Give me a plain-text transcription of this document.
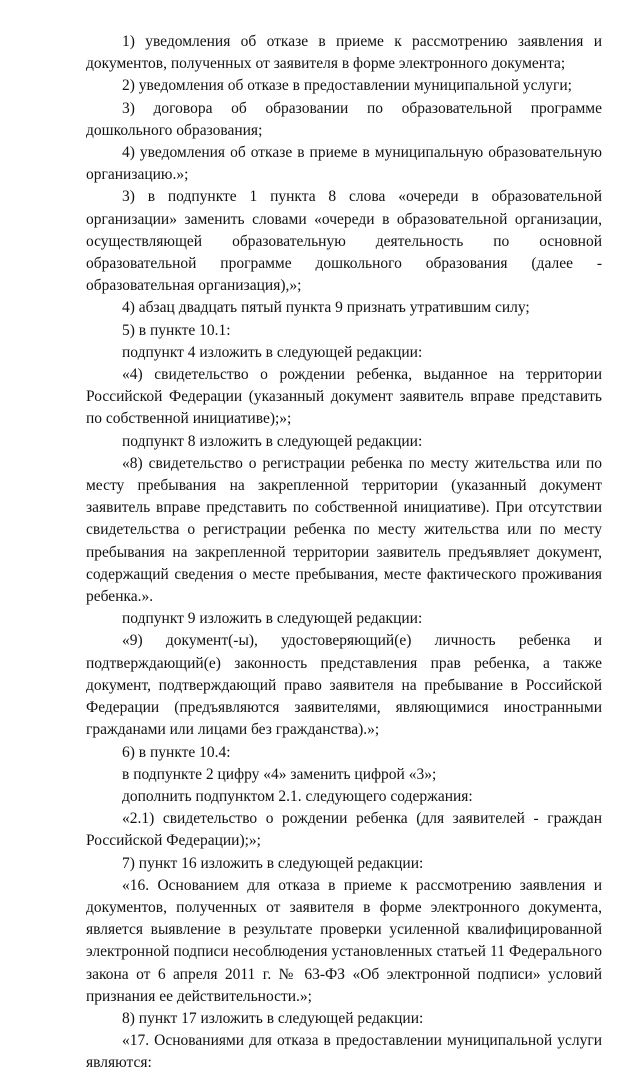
1) уведомления об отказе в приеме к рассмотрению заявления и документов, полученных от заявителя в форме электронного документа;

2) уведомления об отказе в предоставлении муниципальной услуги;

3) договора об образовании по образовательной программе дошкольного образования;

4) уведомления об отказе в приеме в муниципальную образовательную организацию.»;

3) в подпункте 1 пункта 8 слова «очереди в образовательной организации» заменить словами «очереди в образовательной организации, осуществляющей образовательную деятельность по основной образовательной программе дошкольного образования (далее - образовательная организация),»;

4) абзац двадцать пятый пункта 9 признать утратившим силу;

5) в пункте 10.1:

подпункт 4 изложить в следующей редакции:

«4) свидетельство о рождении ребенка, выданное на территории Российской Федерации (указанный документ заявитель вправе представить по собственной инициативе);»;

подпункт 8 изложить в следующей редакции:

«8) свидетельство о регистрации ребенка по месту жительства или по месту пребывания на закрепленной территории (указанный документ заявитель вправе представить по собственной инициативе). При отсутствии свидетельства о регистрации ребенка по месту жительства или по месту пребывания на закрепленной территории заявитель предъявляет документ, содержащий сведения о месте пребывания, месте фактического проживания ребенка.».

подпункт 9 изложить в следующей редакции:

«9) документ(-ы), удостоверяющий(е) личность ребенка и подтверждающий(е) законность представления прав ребенка, а также документ, подтверждающий право заявителя на пребывание в Российской Федерации (предъявляются заявителями, являющимися иностранными гражданами или лицами без гражданства).»;

6) в пункте 10.4:

в подпункте 2 цифру «4» заменить цифрой «3»;

дополнить подпунктом 2.1. следующего содержания:

«2.1) свидетельство о рождении ребенка (для заявителей - граждан Российской Федерации);»;

7) пункт 16 изложить в следующей редакции:

«16. Основанием для отказа в приеме к рассмотрению заявления и документов, полученных от заявителя в форме электронного документа, является выявление в результате проверки усиленной квалифицированной электронной подписи несоблюдения установленных статьей 11 Федерального закона от 6 апреля 2011 г. № 63-ФЗ «Об электронной подписи» условий признания ее действительности.»;

8) пункт 17 изложить в следующей редакции:

«17. Основаниями для отказа в предоставлении муниципальной услуги являются:
